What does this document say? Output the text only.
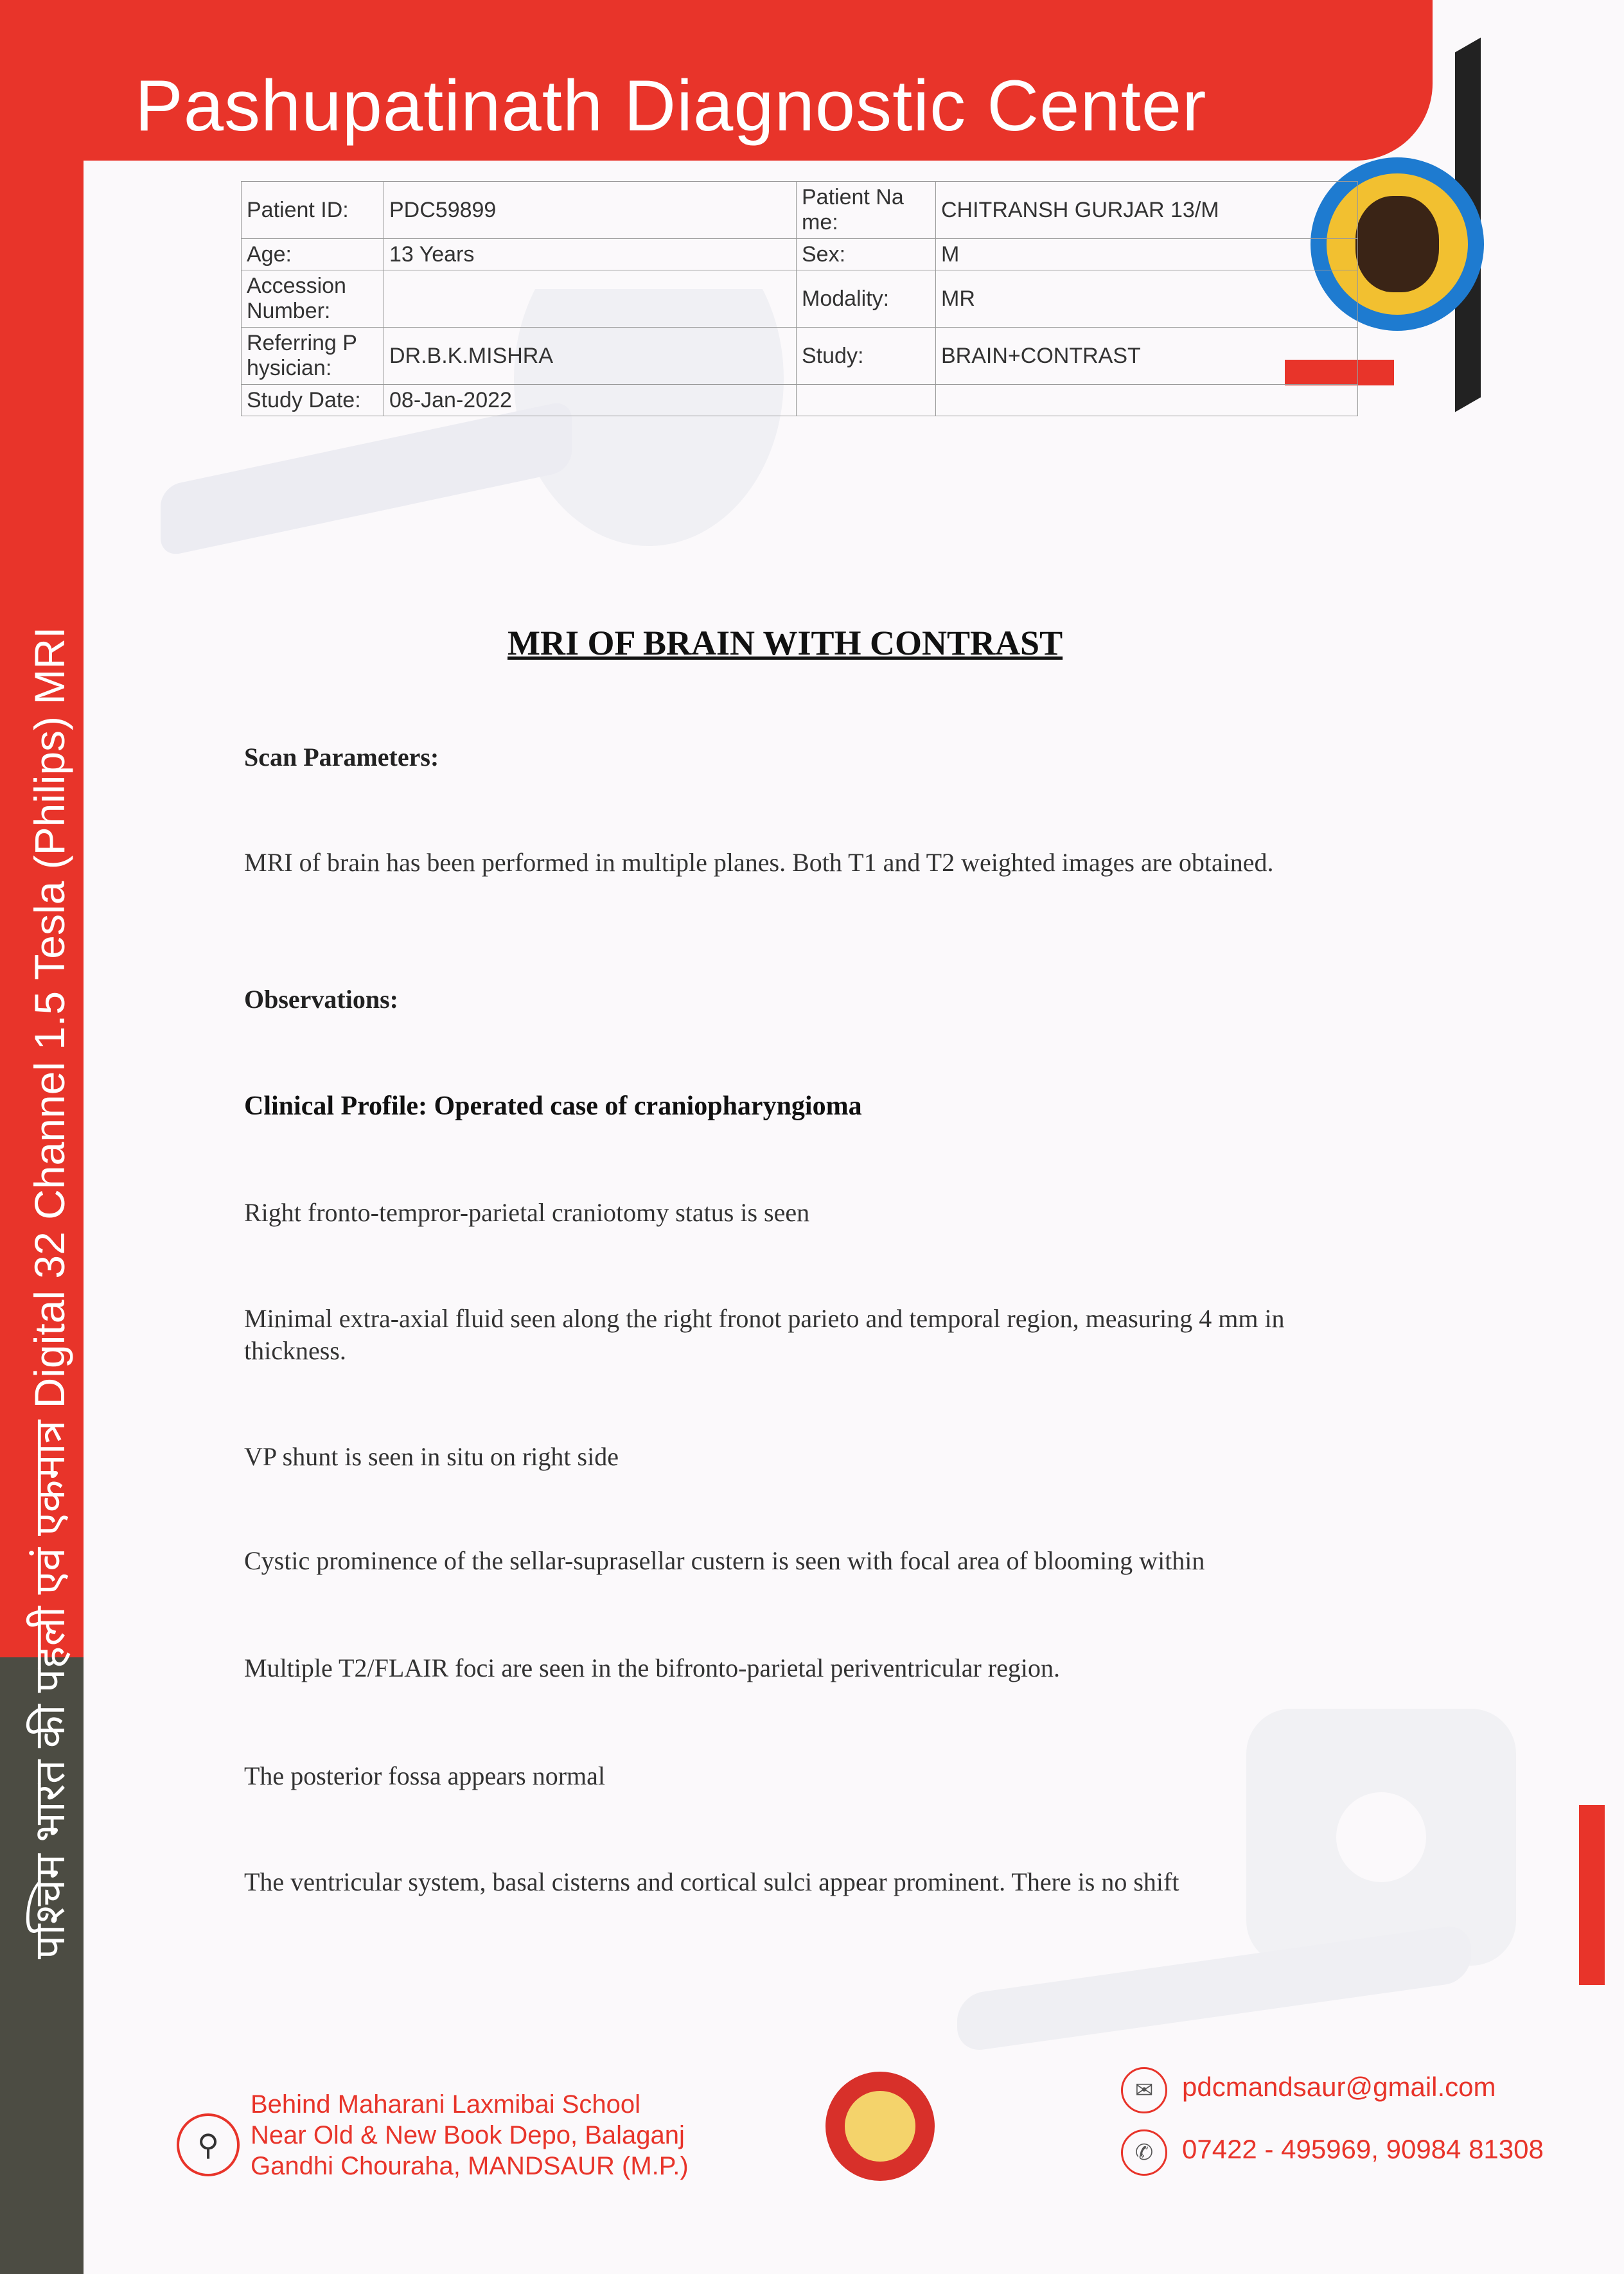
Pashupatinath Diagnostic Center
पश्चिम भारत की पहली एवं एकमात्र Digital 32 Channel 1.5 Tesla (Philips) MRI
Patient ID:	PDC59899	Patient Na me:	CHITRANSH GURJAR 13/M
Age:	13 Years	Sex:	M
Accession Number:		Modality:	MR
Referring P hysician:	DR.B.K.MISHRA	Study:	BRAIN+CONTRAST
Study Date:	08-Jan-2022		
MRI OF BRAIN WITH CONTRAST
Scan Parameters:
MRI of brain has been performed in multiple planes. Both T1 and T2 weighted images are obtained.
Observations:
Clinical Profile: Operated case of craniopharyngioma
Right fronto-tempror-parietal craniotomy status is seen
Minimal extra-axial fluid seen along the right fronot parieto and temporal region, measuring 4 mm in thickness.
VP shunt is seen in situ on right side
Cystic prominence of the sellar-suprasellar custern is seen with focal area of blooming within
Multiple T2/FLAIR foci are seen in the bifronto-parietal periventricular region.
The posterior fossa appears normal
The ventricular system, basal cisterns and cortical sulci appear prominent. There is no shift
⚲
Behind Maharani Laxmibai School
Near Old & New Book Depo, Balaganj
Gandhi Chouraha, MANDSAUR (M.P.)
✉	pdcmandsaur@gmail.com
✆	07422 - 495969, 90984 81308
